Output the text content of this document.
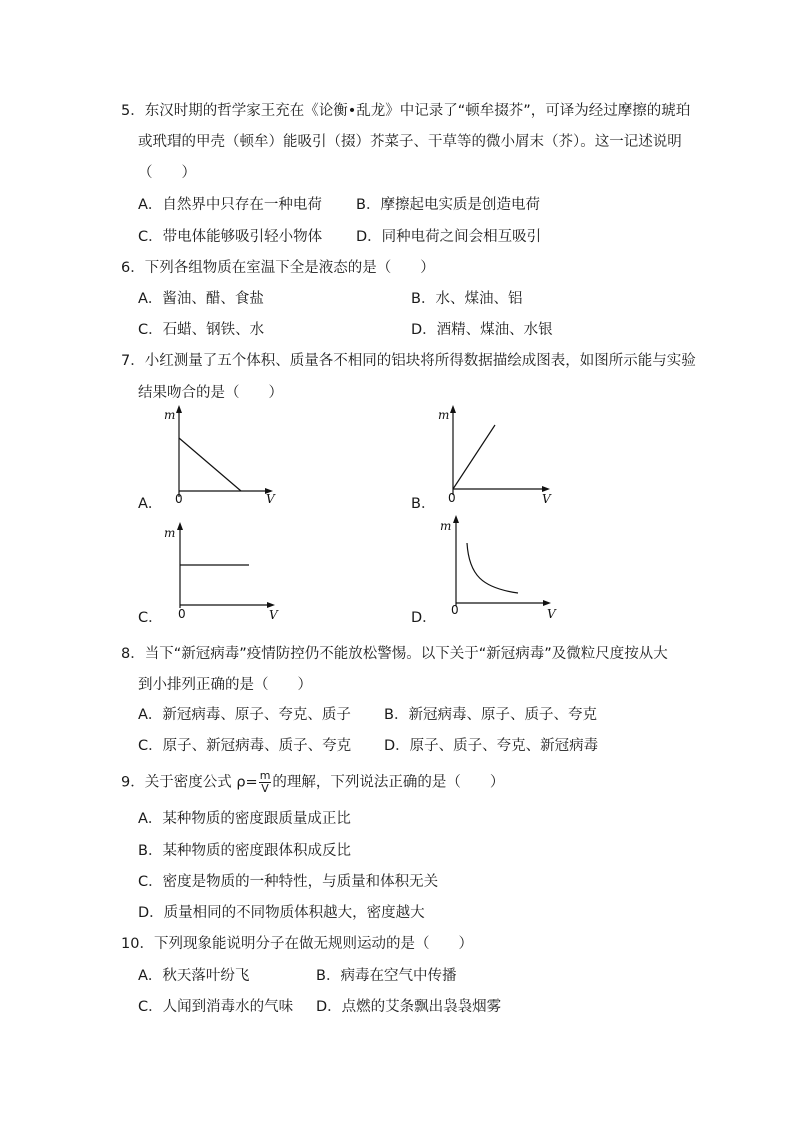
5．东汉时期的哲学家王充在《论衡•乱龙》中记录了“顿牟掇芥”，可译为经过摩擦的琥珀
或玳瑁的甲壳（顿牟）能吸引（掇）芥菜子、干草等的微小屑末（芥）。这一记述说明
（　　）
A．自然界中只存在一种电荷 B．摩擦起电实质是创造电荷
C．带电体能够吸引轻小物体 D．同种电荷之间会相互吸引
6．下列各组物质在室温下全是液态的是（　　）
A．酱油、醋、食盐	B．水、煤油、铝
C．石蜡、钢铁、水	D．酒精、煤油、水银
7．小红测量了五个体积、质量各不相同的铝块将所得数据描绘成图表，如图所示能与实验
结果吻合的是（　　）
A．
m
V
0	B．
m
V
0
C．
m
V
0	D．
m
V
0
8．当下“新冠病毒”疫情防控仍不能放松警惕。以下关于“新冠病毒”及微粒尺度按从大
到小排列正确的是（　　）
A．新冠病毒、原子、夸克、质子 B．新冠病毒、原子、质子、夸克
C．原子、新冠病毒、质子、夸克 D．原子、质子、夸克、新冠病毒
9．关于密度公式 $\rho= \frac{m}{V}$ 的理解，下列说法正确的是（　　）
A．某种物质的密度跟质量成正比
B．某种物质的密度跟体积成反比
C．密度是物质的一种特性，与质量和体积无关
D．质量相同的不同物质体积越大，密度越大
10．下列现象能说明分子在做无规则运动的是（　　）
A．秋天落叶纷飞	B．病毒在空气中传播
C．人闻到消毒水的气味 D．点燃的艾条飘出袅袅烟雾
